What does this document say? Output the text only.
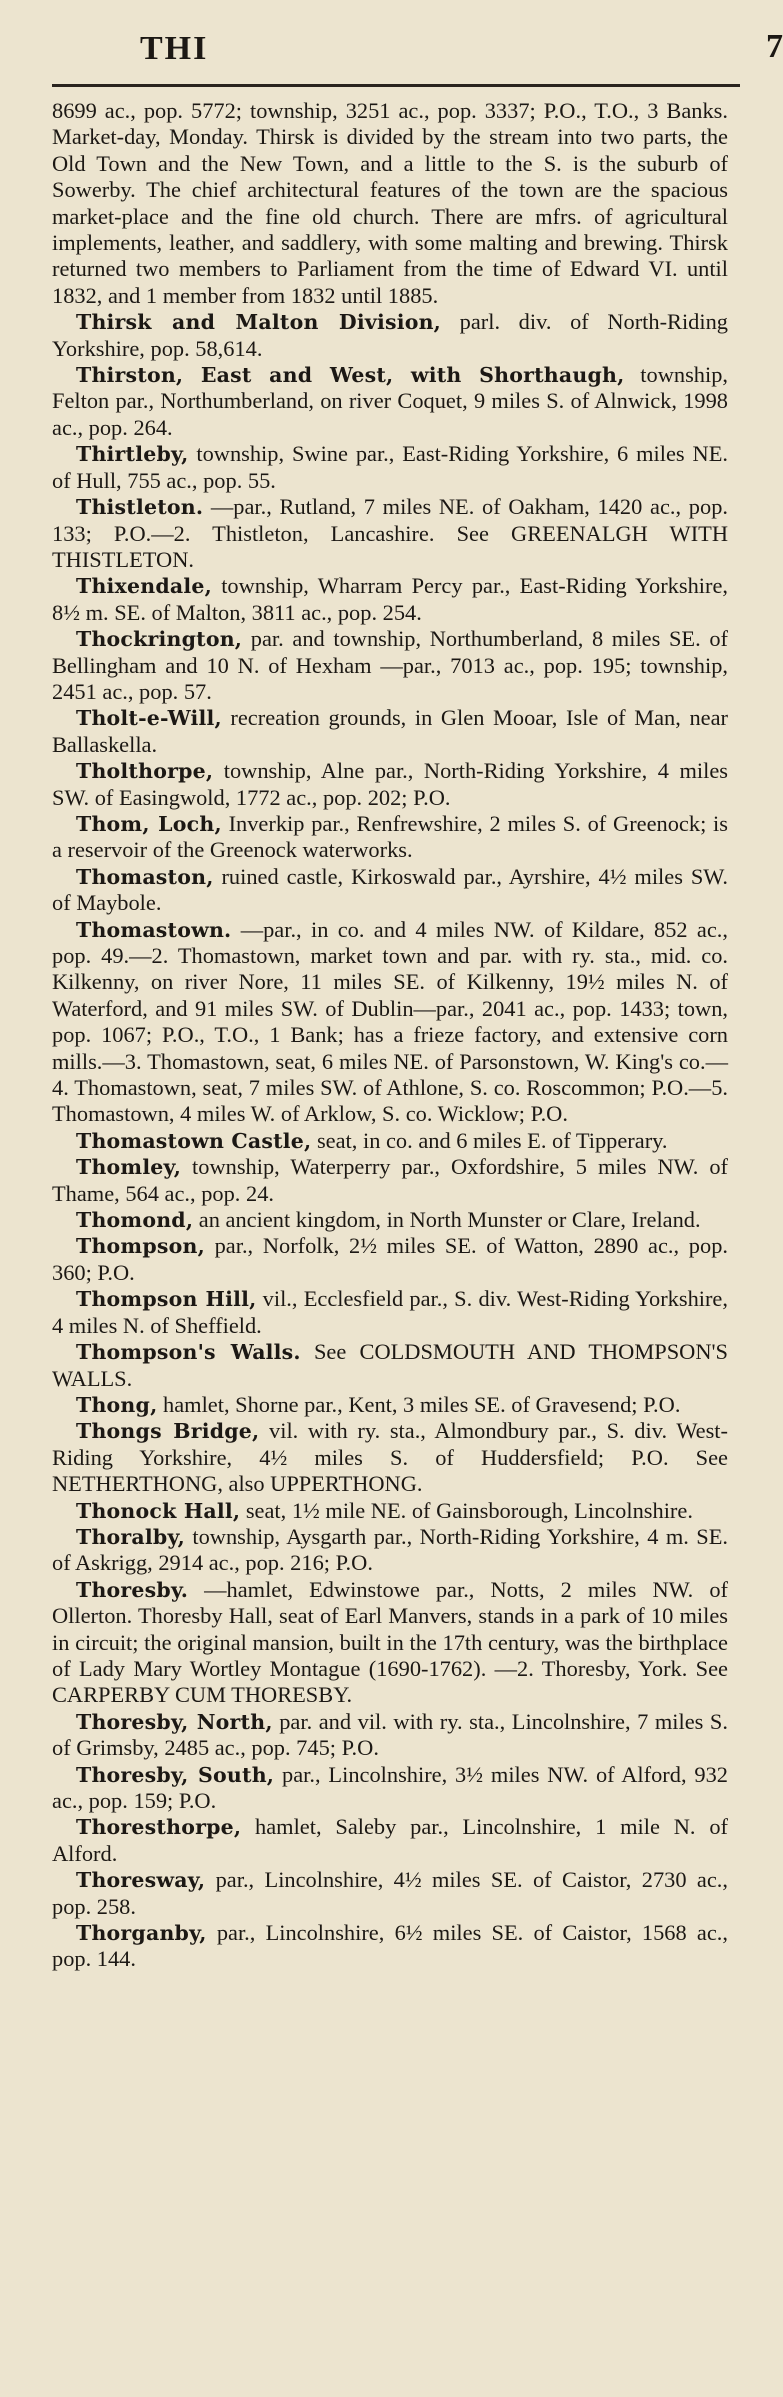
THI	7

8699 ac., pop. 5772; township, 3251 ac., pop. 3337; P.O., T.O., 3 Banks. Market-day, Monday. Thirsk is divided by the stream into two parts, the Old Town and the New Town, and a little to the S. is the suburb of Sowerby. The chief architectural features of the town are the spacious market-place and the fine old church. There are mfrs. of agricultural implements, leather, and saddlery, with some malting and brewing. Thirsk returned two members to Parliament from the time of Edward VI. until 1832, and 1 member from 1832 until 1885.

Thirsk and Malton Division, parl. div. of North-Riding Yorkshire, pop. 58,614.

Thirston, East and West, with Shorthaugh, township, Felton par., Northumberland, on river Coquet, 9 miles S. of Alnwick, 1998 ac., pop. 264.

Thirtleby, township, Swine par., East-Riding Yorkshire, 6 miles NE. of Hull, 755 ac., pop. 55.

Thistleton. —par., Rutland, 7 miles NE. of Oakham, 1420 ac., pop. 133; P.O.—2. Thistleton, Lancashire. See GREENALGH WITH THISTLETON.

Thixendale, township, Wharram Percy par., East-Riding Yorkshire, 8½ m. SE. of Malton, 3811 ac., pop. 254.

Thockrington, par. and township, Northumberland, 8 miles SE. of Bellingham and 10 N. of Hexham —par., 7013 ac., pop. 195; township, 2451 ac., pop. 57.

Tholt-e-Will, recreation grounds, in Glen Mooar, Isle of Man, near Ballaskella.

Tholthorpe, township, Alne par., North-Riding Yorkshire, 4 miles SW. of Easingwold, 1772 ac., pop. 202; P.O.

Thom, Loch, Inverkip par., Renfrewshire, 2 miles S. of Greenock; is a reservoir of the Greenock waterworks.

Thomaston, ruined castle, Kirkoswald par., Ayrshire, 4½ miles SW. of Maybole.

Thomastown. —par., in co. and 4 miles NW. of Kildare, 852 ac., pop. 49.—2. Thomastown, market town and par. with ry. sta., mid. co. Kilkenny, on river Nore, 11 miles SE. of Kilkenny, 19½ miles N. of Waterford, and 91 miles SW. of Dublin—par., 2041 ac., pop. 1433; town, pop. 1067; P.O., T.O., 1 Bank; has a frieze factory, and extensive corn mills.—3. Thomastown, seat, 6 miles NE. of Parsonstown, W. King's co.—4. Thomastown, seat, 7 miles SW. of Athlone, S. co. Roscommon; P.O.—5. Thomastown, 4 miles W. of Arklow, S. co. Wicklow; P.O.

Thomastown Castle, seat, in co. and 6 miles E. of Tipperary.

Thomley, township, Waterperry par., Oxfordshire, 5 miles NW. of Thame, 564 ac., pop. 24.

Thomond, an ancient kingdom, in North Munster or Clare, Ireland.

Thompson, par., Norfolk, 2½ miles SE. of Watton, 2890 ac., pop. 360; P.O.

Thompson Hill, vil., Ecclesfield par., S. div. West-Riding Yorkshire, 4 miles N. of Sheffield.

Thompson's Walls. See COLDSMOUTH AND THOMPSON'S WALLS.

Thong, hamlet, Shorne par., Kent, 3 miles SE. of Gravesend; P.O.

Thongs Bridge, vil. with ry. sta., Almondbury par., S. div. West-Riding Yorkshire, 4½ miles S. of Huddersfield; P.O. See NETHERTHONG, also UPPERTHONG.

Thonock Hall, seat, 1½ mile NE. of Gainsborough, Lincolnshire.

Thoralby, township, Aysgarth par., North-Riding Yorkshire, 4 m. SE. of Askrigg, 2914 ac., pop. 216; P.O.

Thoresby. —hamlet, Edwinstowe par., Notts, 2 miles NW. of Ollerton. Thoresby Hall, seat of Earl Manvers, stands in a park of 10 miles in circuit; the original mansion, built in the 17th century, was the birthplace of Lady Mary Wortley Montague (1690-1762). —2. Thoresby, York. See CARPERBY CUM THORESBY.

Thoresby, North, par. and vil. with ry. sta., Lincolnshire, 7 miles S. of Grimsby, 2485 ac., pop. 745; P.O.

Thoresby, South, par., Lincolnshire, 3½ miles NW. of Alford, 932 ac., pop. 159; P.O.

Thoresthorpe, hamlet, Saleby par., Lincolnshire, 1 mile N. of Alford.

Thoresway, par., Lincolnshire, 4½ miles SE. of Caistor, 2730 ac., pop. 258.

Thorganby, par., Lincolnshire, 6½ miles SE. of Caistor, 1568 ac., pop. 144.
